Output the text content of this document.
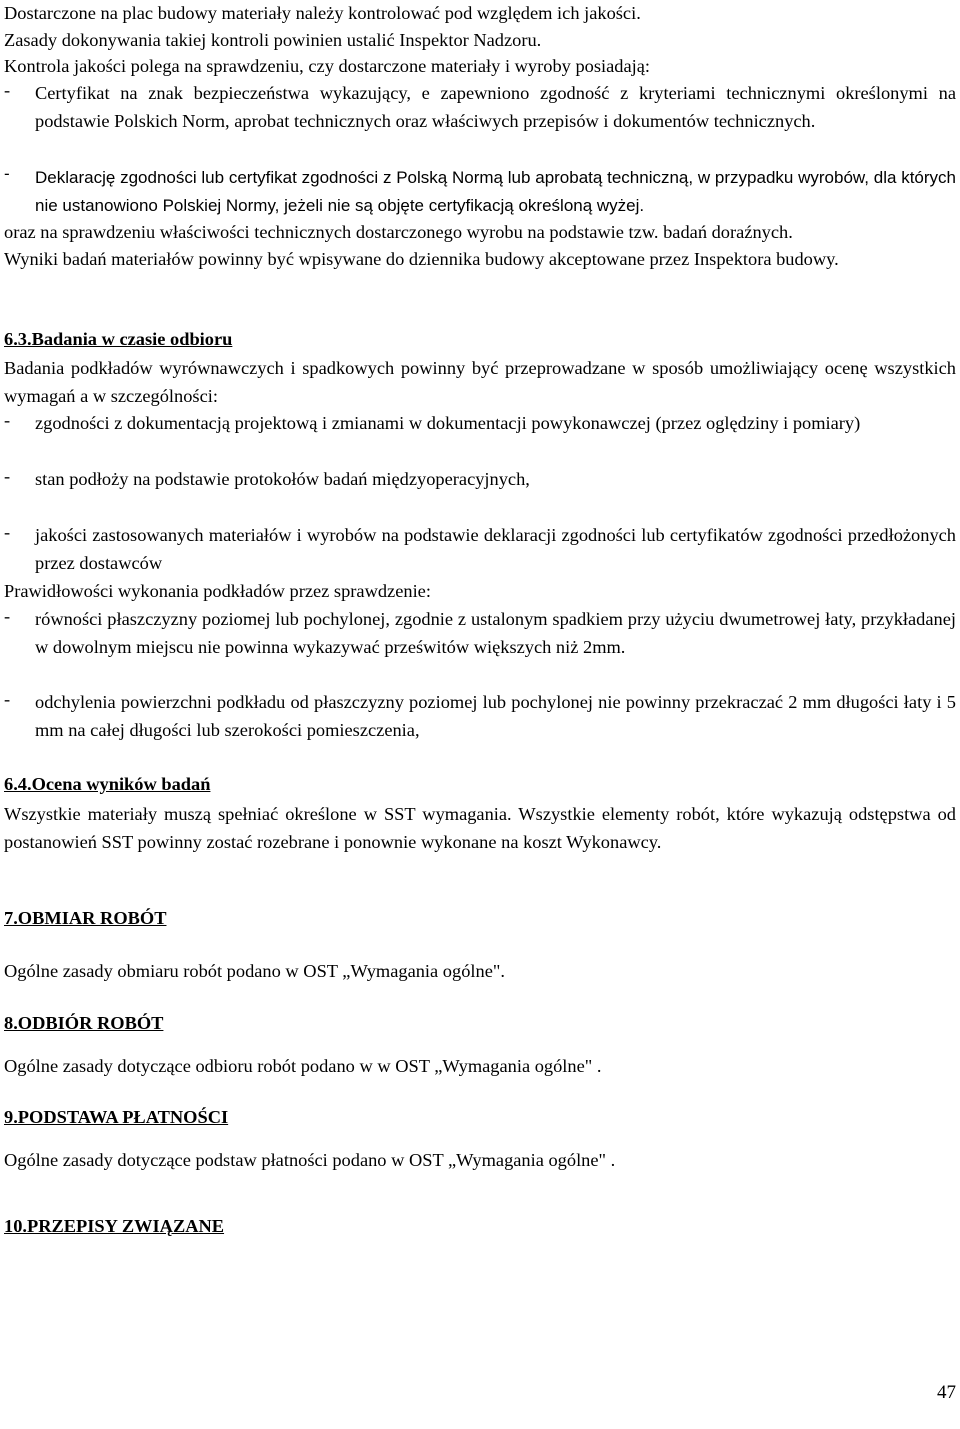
Dostarczone na plac budowy materiały należy kontrolować pod względem ich jakości.
Zasady dokonywania takiej kontroli powinien ustalić Inspektor Nadzoru.
Kontrola jakości polega na sprawdzeniu, czy dostarczone materiały i wyroby posiadają:
-	Certyfikat na znak bezpieczeństwa wykazujący, e zapewniono zgodność z kryteriami technicznymi określonymi na podstawie Polskich Norm, aprobat technicznych oraz właściwych przepisów i dokumentów technicznych.
-	Deklarację zgodności lub certyfikat zgodności z Polską Normą lub aprobatą techniczną, w przypadku wyrobów, dla których nie ustanowiono Polskiej Normy, jeżeli nie są objęte certyfikacją określoną wyżej.
oraz na sprawdzeniu właściwości technicznych dostarczonego wyrobu na podstawie tzw. badań doraźnych.
Wyniki badań materiałów powinny być wpisywane do dziennika budowy akceptowane przez Inspektora budowy.
6.3.Badania w czasie odbioru
Badania podkładów wyrównawczych i spadkowych powinny być przeprowadzane w sposób umożliwiający ocenę wszystkich wymagań a w szczególności:
-	zgodności z dokumentacją projektową i zmianami w dokumentacji powykonawczej (przez oględziny i pomiary)
-	stan podłoży na podstawie protokołów badań międzyoperacyjnych,
-	jakości zastosowanych materiałów i wyrobów na podstawie deklaracji zgodności lub certyfikatów zgodności przedłożonych przez dostawców
Prawidłowości wykonania podkładów przez sprawdzenie:
-	równości płaszczyzny poziomej lub pochylonej, zgodnie z ustalonym spadkiem przy użyciu dwumetrowej łaty, przykładanej w dowolnym miejscu nie powinna wykazywać prześwitów większych niż 2mm.
-	odchylenia powierzchni podkładu od płaszczyzny poziomej lub pochylonej nie powinny przekraczać 2 mm długości łaty i 5 mm na całej długości lub szerokości pomieszczenia,
6.4.Ocena wyników badań
Wszystkie materiały muszą spełniać określone w SST wymagania. Wszystkie elementy robót, które wykazują odstępstwa od postanowień SST powinny zostać rozebrane i ponownie wykonane na koszt Wykonawcy.
7.OBMIAR ROBÓT
Ogólne zasady obmiaru robót podano w OST „Wymagania ogólne".
8.ODBIÓR ROBÓT
Ogólne zasady dotyczące odbioru robót podano w w OST „Wymagania ogólne" .
9.PODSTAWA PŁATNOŚCI
Ogólne zasady dotyczące podstaw płatności podano w OST „Wymagania ogólne" .
10.PRZEPISY ZWIĄZANE
47
